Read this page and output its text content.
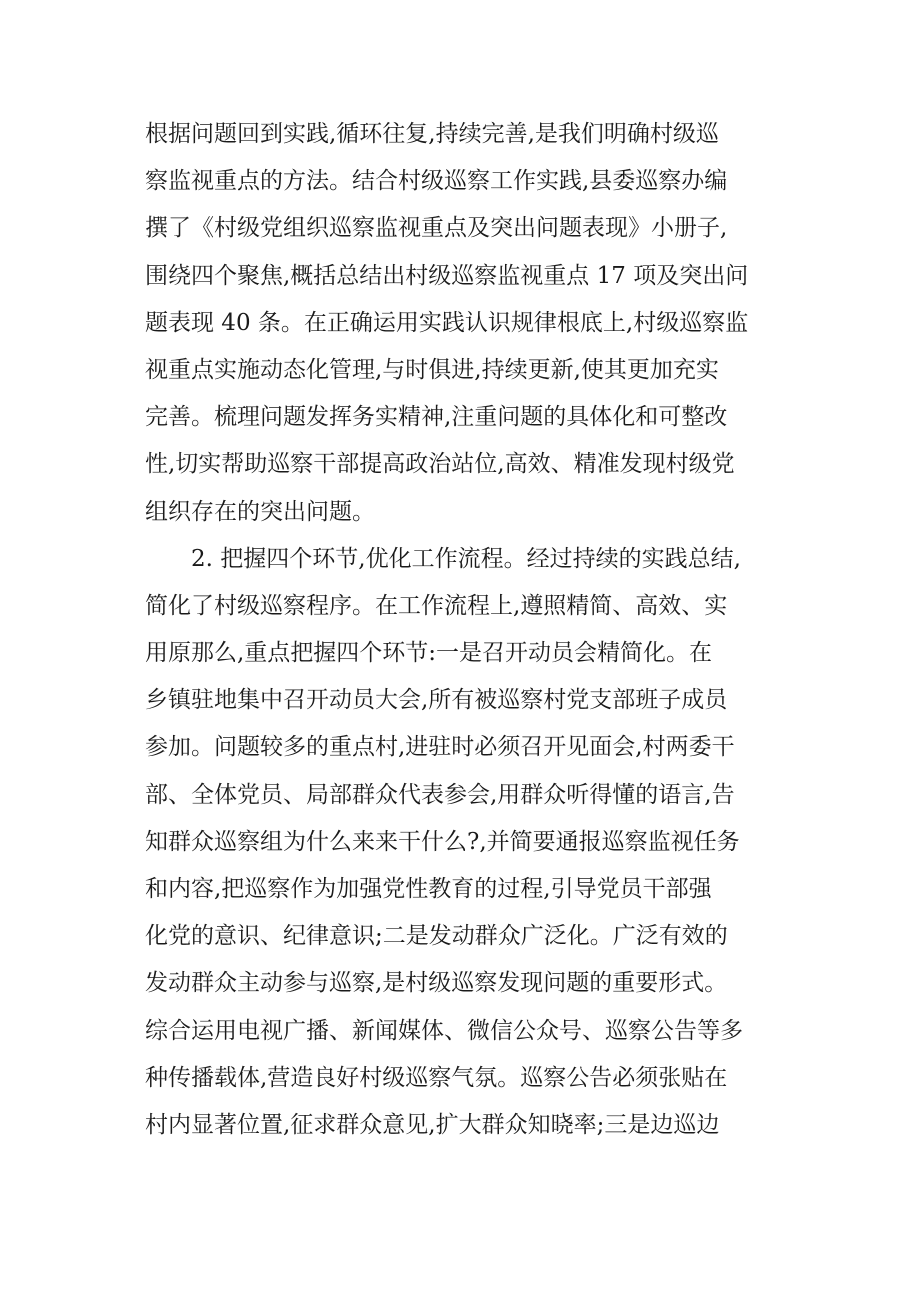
根据问题回到实践,循环往复,持续完善,是我们明确村级巡
察监视重点的方法。结合村级巡察工作实践,县委巡察办编
撰了《村级党组织巡察监视重点及突出问题表现》小册子,
围绕四个聚焦,概括总结出村级巡察监视重点 17 项及突出问
题表现 40 条。在正确运用实践认识规律根底上,村级巡察监
视重点实施动态化管理,与时俱进,持续更新,使其更加充实
完善。梳理问题发挥务实精神,注重问题的具体化和可整改
性,切实帮助巡察干部提高政治站位,高效、精准发现村级党
组织存在的突出问题。
2. 把握四个环节,优化工作流程。经过持续的实践总结,
简化了村级巡察程序。在工作流程上,遵照精简、高效、实
用原那么,重点把握四个环节:一是召开动员会精简化。在
乡镇驻地集中召开动员大会,所有被巡察村党支部班子成员
参加。问题较多的重点村,进驻时必须召开见面会,村两委干
部、全体党员、局部群众代表参会,用群众听得懂的语言,告
知群众巡察组为什么来来干什么?,并简要通报巡察监视任务
和内容,把巡察作为加强党性教育的过程,引导党员干部强
化党的意识、纪律意识;二是发动群众广泛化。广泛有效的
发动群众主动参与巡察,是村级巡察发现问题的重要形式。
综合运用电视广播、新闻媒体、微信公众号、巡察公告等多
种传播载体,营造良好村级巡察气氛。巡察公告必须张贴在
村内显著位置,征求群众意见,扩大群众知晓率;三是边巡边
